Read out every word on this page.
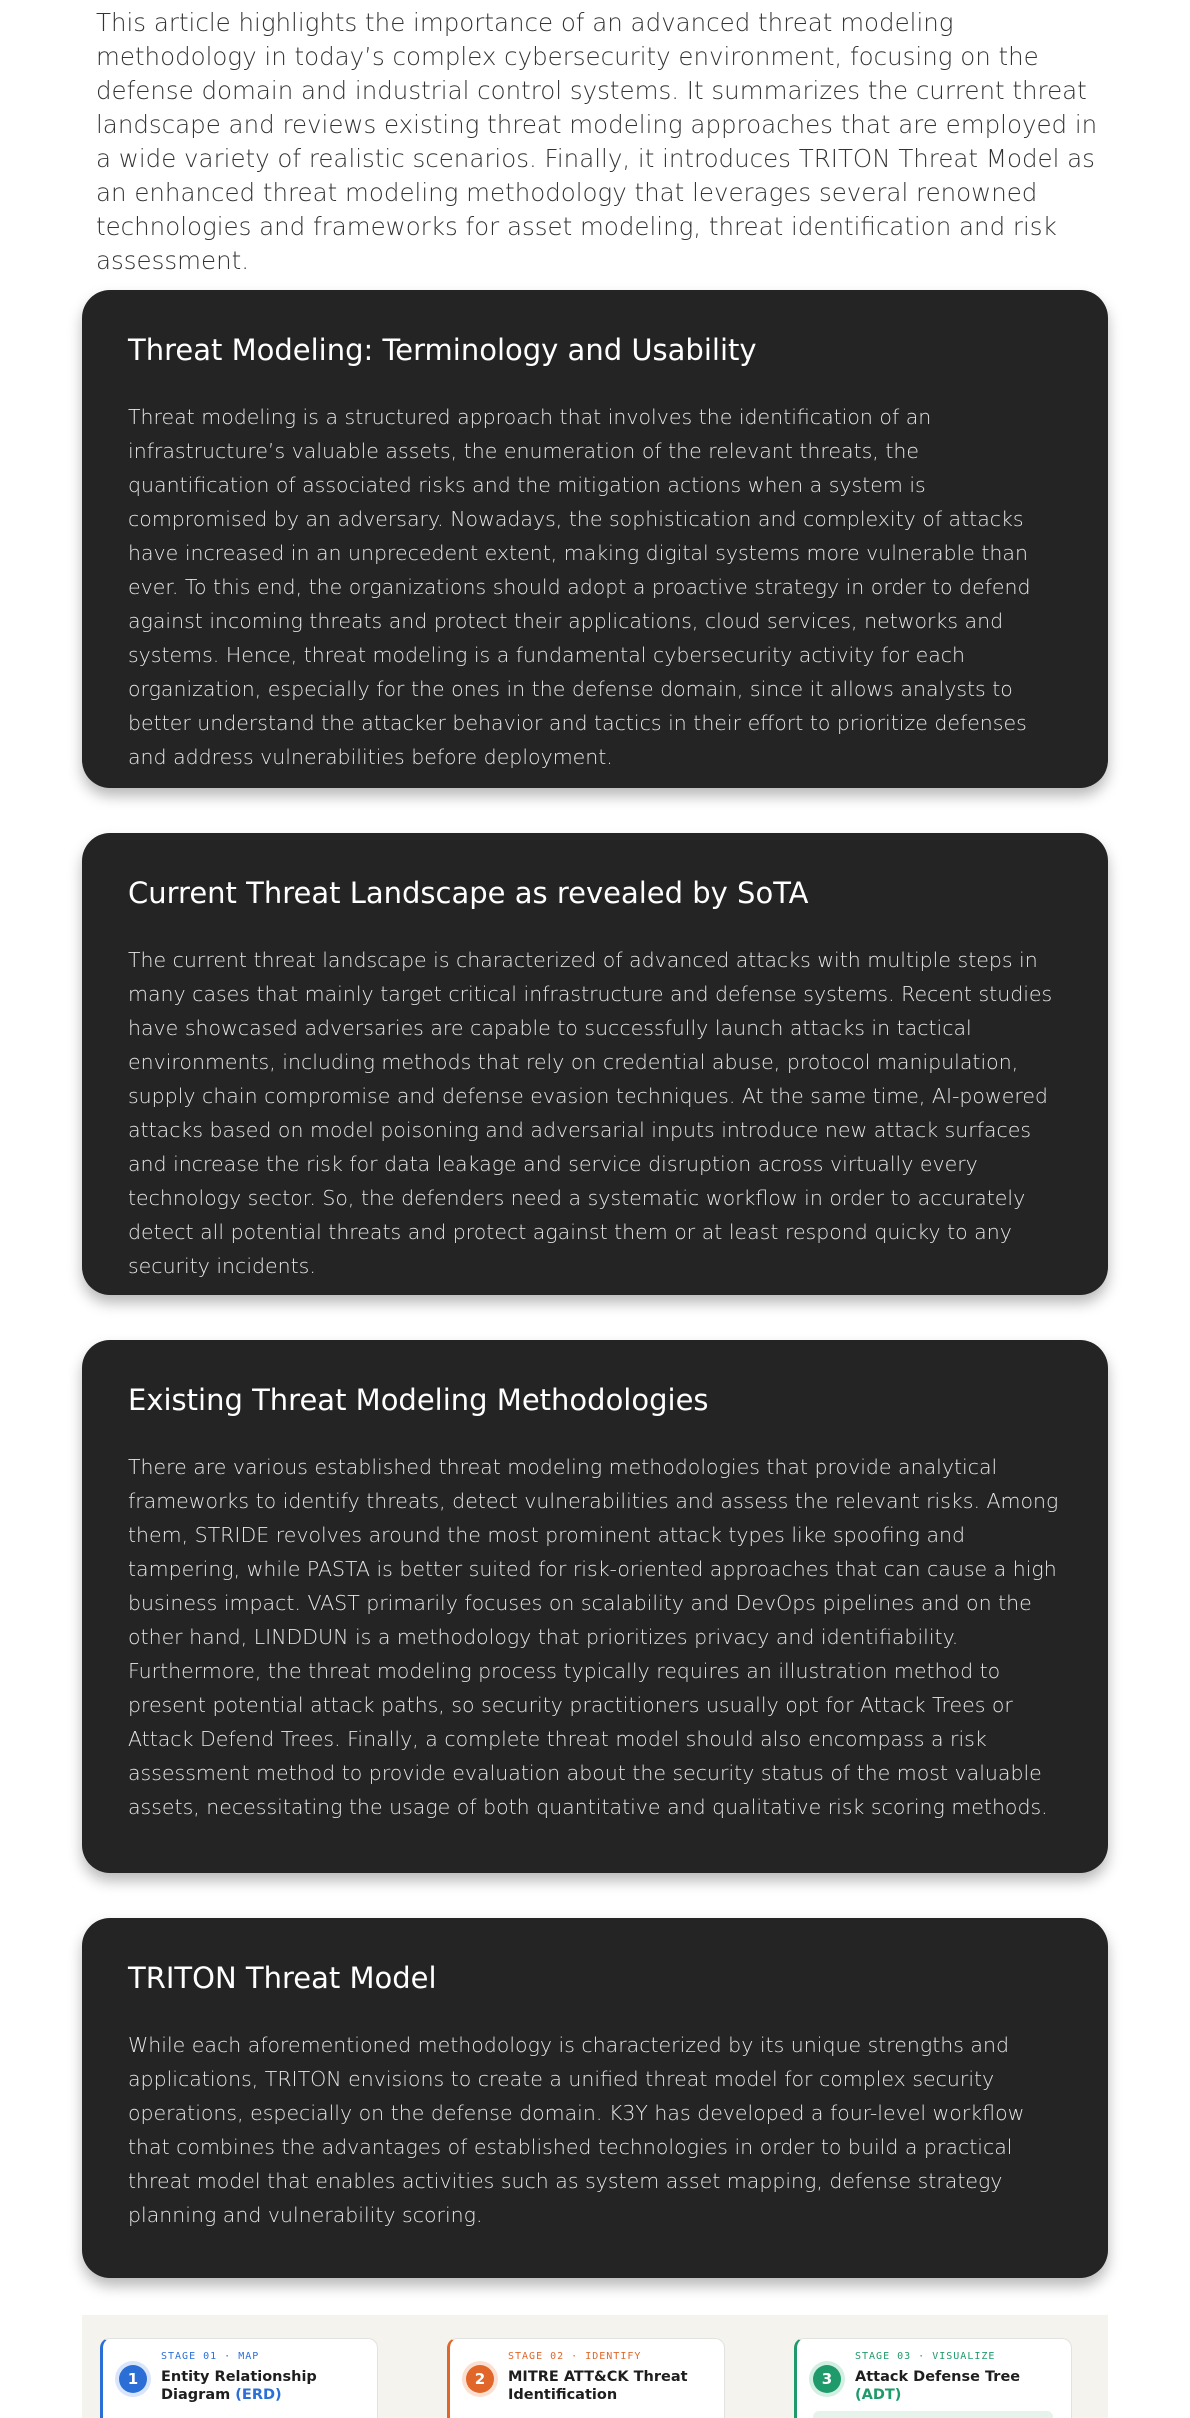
This article highlights the importance of an advanced threat modeling methodology in today’s complex cybersecurity environment, focusing on the defense domain and industrial control systems. It summarizes the current threat landscape and reviews existing threat modeling approaches that are employed in a wide variety of realistic scenarios. Finally, it introduces TRITON Threat Model as an enhanced threat modeling methodology that leverages several renowned technologies and frameworks for asset modeling, threat identification and risk assessment.

Threat Modeling: Terminology and Usability

Threat modeling is a structured approach that involves the identification of an infrastructure’s valuable assets, the enumeration of the relevant threats, the quantification of associated risks and the mitigation actions when a system is compromised by an adversary. Nowadays, the sophistication and complexity of attacks have increased in an unprecedent extent, making digital systems more vulnerable than ever. To this end, the organizations should adopt a proactive strategy in order to defend against incoming threats and protect their applications, cloud services, networks and systems. Hence, threat modeling is a fundamental cybersecurity activity for each organization, especially for the ones in the defense domain, since it allows analysts to better understand the attacker behavior and tactics in their effort to prioritize defenses  and address vulnerabilities before deployment.

Current Threat Landscape as revealed by SoTA

The current threat landscape is characterized of advanced attacks with multiple steps in many cases that mainly target critical infrastructure and defense systems. Recent studies have showcased adversaries are capable to successfully launch attacks in tactical environments, including methods that rely on credential abuse, protocol manipulation, supply chain compromise and defense evasion techniques. At the same time, AI-powered attacks based on model poisoning and adversarial inputs introduce new attack surfaces and increase the risk for data leakage and service disruption across virtually every technology sector. So, the defenders need a systematic workflow in order to accurately detect all potential threats and protect against them or at least respond quicky to any security incidents.

Existing Threat Modeling Methodologies

There are various established threat modeling methodologies that provide analytical frameworks to identify threats, detect vulnerabilities and assess the relevant risks. Among them, STRIDE revolves around the most prominent attack types like spoofing and tampering, while PASTA is better suited for risk-oriented approaches that can cause a high business impact. VAST primarily focuses on scalability and DevOps pipelines and on the other hand, LINDDUN is a methodology that prioritizes privacy and identifiability. Furthermore, the threat modeling process typically requires an illustration method to present potential attack paths, so security practitioners usually opt for Attack Trees or Attack Defend Trees. Finally, a complete threat model should also encompass a risk assessment method to provide evaluation about the security status of the most valuable assets, necessitating the usage of both quantitative and qualitative risk scoring methods.

TRITON Threat Model

While each aforementioned methodology is characterized by its unique strengths and applications, TRITON envisions to create a unified threat model for complex security operations, especially on the defense domain. K3Y has developed a four-level workflow that combines the advantages of established technologies in order to build a practical threat model that enables activities such as system asset mapping, defense strategy planning and vulnerability scoring.

1
STAGE 01 · MAP
Entity Relationship Diagram (ERD)
2
STAGE 02 · IDENTIFY
MITRE ATT&CK Threat Identification
3
STAGE 03 · VISUALIZE
Attack Defense Tree (ADT)
